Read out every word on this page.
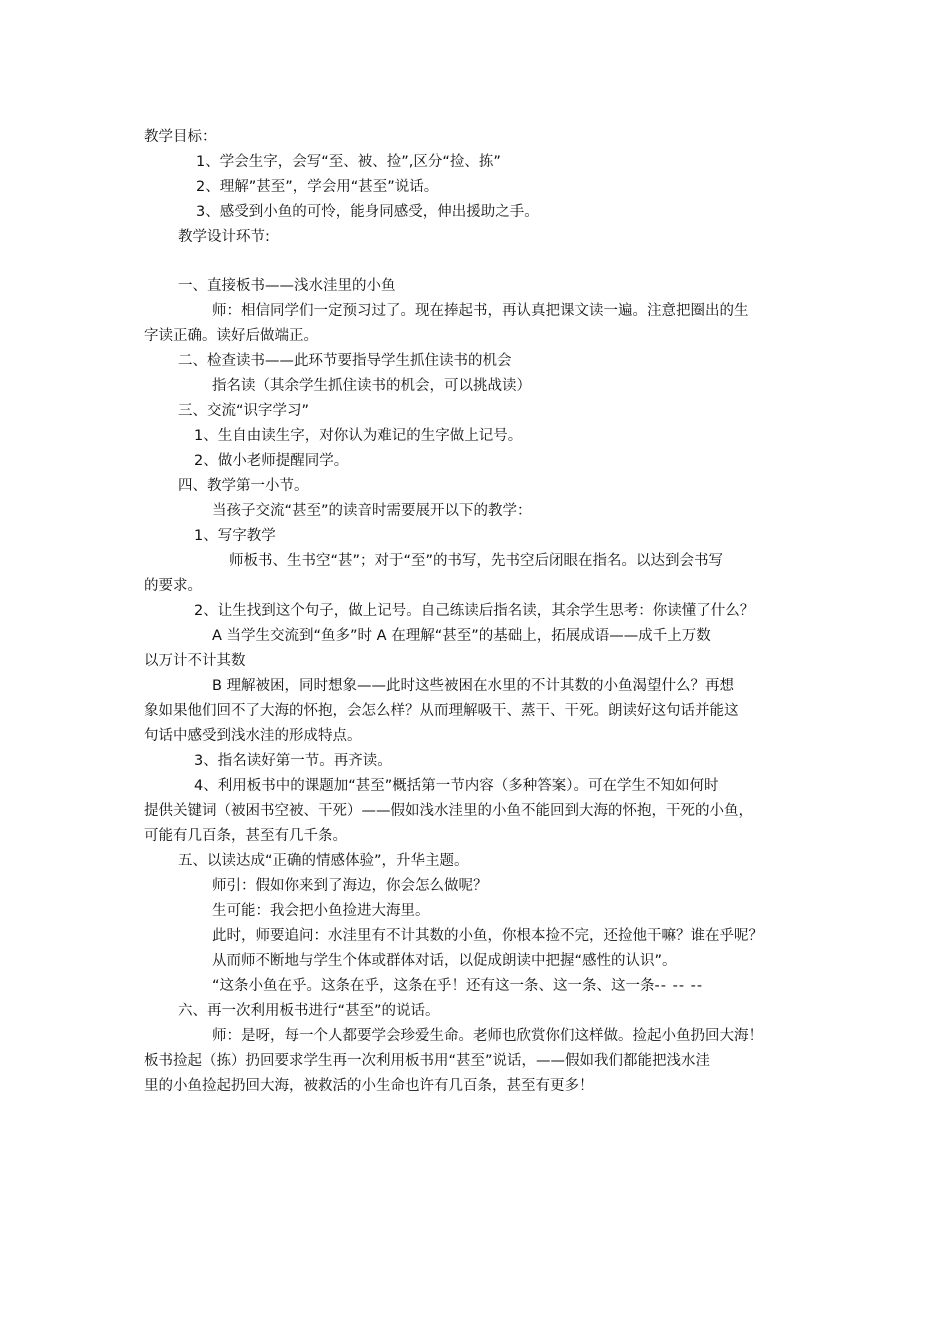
教学目标：
1、学会生字，会写“至、被、捡”,区分“捡、拣”
2、理解”甚至”，学会用“甚至”说话。
3、感受到小鱼的可怜，能身同感受，伸出援助之手。
教学设计环节:
一、直接板书——浅水洼里的小鱼
师：相信同学们一定预习过了。现在捧起书，再认真把课文读一遍。注意把圈出的生
字读正确。读好后做端正。
二、检查读书——此环节要指导学生抓住读书的机会
指名读（其余学生抓住读书的机会，可以挑战读）
三、交流“识字学习”
1、生自由读生字，对你认为难记的生字做上记号。
2、做小老师提醒同学。
四、教学第一小节。
当孩子交流“甚至”的读音时需要展开以下的教学：
1、写字教学
师板书、生书空“甚”；对于“至”的书写，先书空后闭眼在指名。以达到会书写
的要求。
2、让生找到这个句子，做上记号。自己练读后指名读，其余学生思考：你读懂了什么？
A 当学生交流到“鱼多”时 A 在理解“甚至”的基础上，拓展成语——成千上万数
以万计不计其数
B 理解被困，同时想象——此时这些被困在水里的不计其数的小鱼渴望什么？再想
象如果他们回不了大海的怀抱，会怎么样？从而理解吸干、蒸干、干死。朗读好这句话并能这
句话中感受到浅水洼的形成特点。
3、指名读好第一节。再齐读。
4、利用板书中的课题加“甚至”概括第一节内容（多种答案）。可在学生不知如何时
提供关键词（被困书空被、干死）——假如浅水洼里的小鱼不能回到大海的怀抱，干死的小鱼，
可能有几百条，甚至有几千条。
五、以读达成“正确的情感体验”，升华主题。
师引：假如你来到了海边，你会怎么做呢？
生可能：我会把小鱼捡进大海里。
此时，师要追问：水洼里有不计其数的小鱼，你根本捡不完，还捡他干嘛？谁在乎呢？
从而师不断地与学生个体或群体对话，以促成朗读中把握“感性的认识”。
“这条小鱼在乎。这条在乎，这条在乎！还有这一条、这一条、这一条-- -- --
六、再一次利用板书进行“甚至”的说话。
师：是呀，每一个人都要学会珍爱生命。老师也欣赏你们这样做。捡起小鱼扔回大海！
板书捡起（拣）扔回要求学生再一次利用板书用“甚至”说话，——假如我们都能把浅水洼
里的小鱼捡起扔回大海，被救活的小生命也许有几百条，甚至有更多！
